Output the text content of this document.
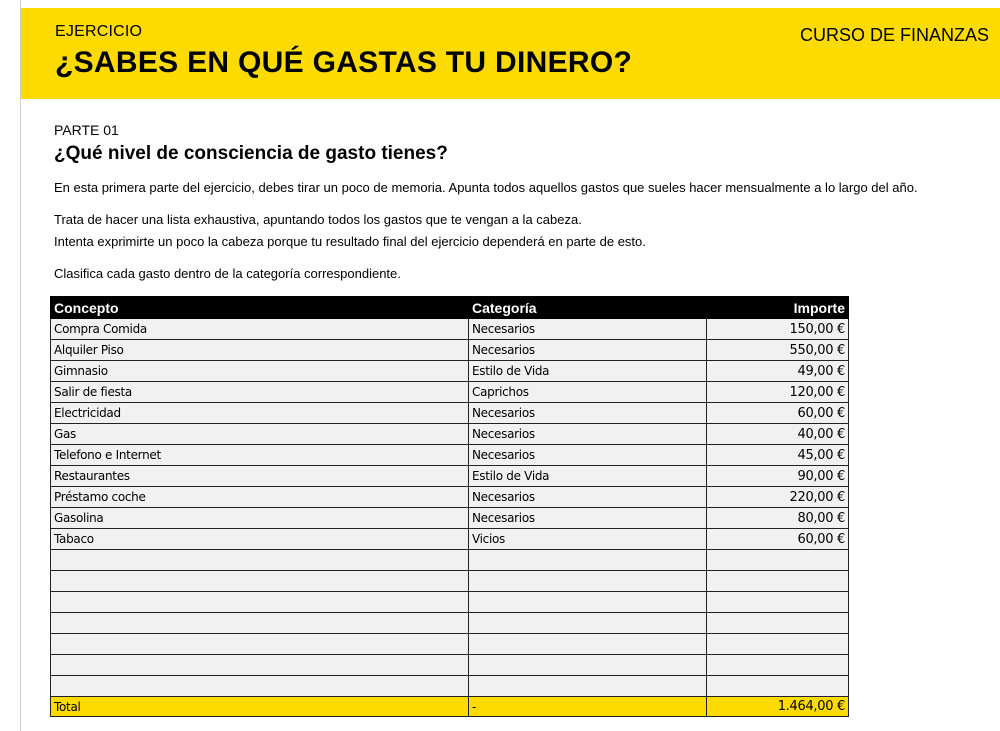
EJERCICIO
¿SABES EN QUÉ GASTAS TU DINERO?
CURSO DE FINANZAS
PARTE 01
¿Qué nivel de consciencia de gasto tienes?
En esta primera parte del ejercicio, debes tirar un poco de memoria. Apunta todos aquellos gastos que sueles hacer mensualmente a lo largo del año.
Trata de hacer una lista exhaustiva, apuntando todos los gastos que te vengan a la cabeza.
Intenta exprimirte un poco la cabeza porque tu resultado final del ejercicio dependerá en parte de esto.
Clasifica cada gasto dentro de la categoría correspondiente.
Concepto	Categoría	Importe
Compra Comida	Necesarios	150,00 €
Alquiler Piso	Necesarios	550,00 €
Gimnasio	Estilo de Vida	49,00 €
Salir de fiesta	Caprichos	120,00 €
Electricidad	Necesarios	60,00 €
Gas	Necesarios	40,00 €
Telefono e Internet	Necesarios	45,00 €
Restaurantes	Estilo de Vida	90,00 €
Préstamo coche	Necesarios	220,00 €
Gasolina	Necesarios	80,00 €
Tabaco	Vicios	60,00 €

Total	-	1.464,00 €
